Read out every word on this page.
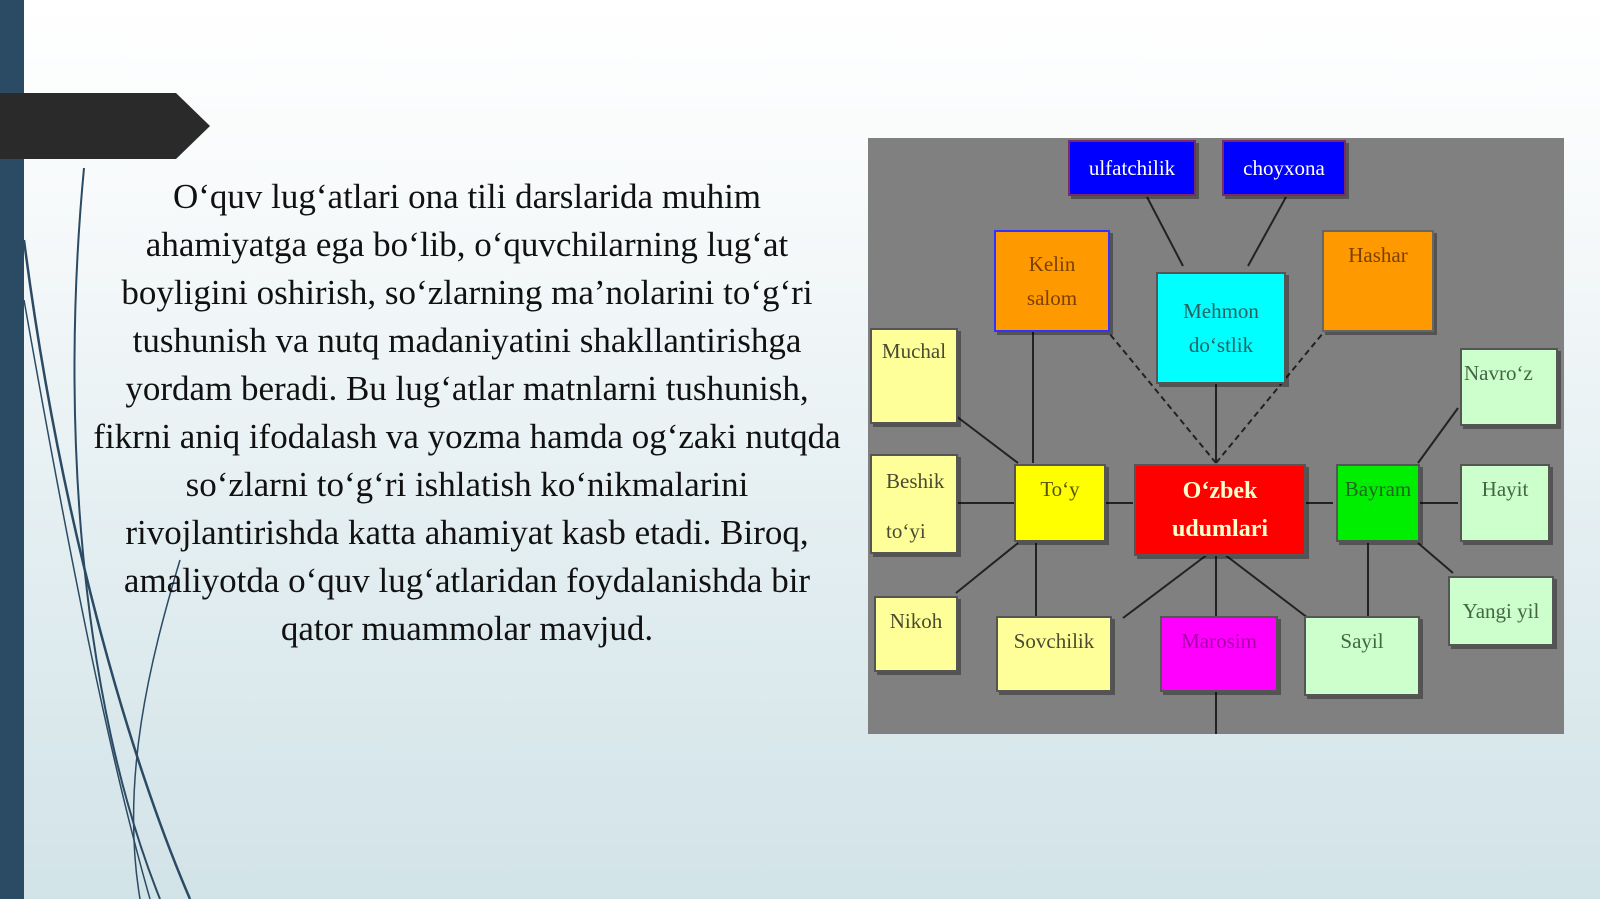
O‘quv lug‘atlari ona tili darslarida muhim ahamiyatga ega bo‘lib, o‘quvchilarning lug‘at boyligini oshirish, so‘zlarning ma’nolarini to‘g‘ri tushunish va nutq madaniyatini shakllantirishga yordam beradi. Bu lug‘atlar matnlarni tushunish, fikrni aniq ifodalash va yozma hamda og‘zaki nutqda so‘zlarni to‘g‘ri ishlatish ko‘nikmalarini rivojlantirishda katta ahamiyat kasb etadi. Biroq, amaliyotda o‘quv lug‘atlaridan foydalanishda bir qator muammolar mavjud.
ulfatchilik	choyxona
Kelin
salom
Mehmon
do‘stlik
Hashar
Muchal
Navro‘z
Beshik
to‘yi
To‘y	O‘zbek
udumlari
Bayram	Hayit
Nikoh
Sovchilik	Marosim	Sayil
Yangi yil
